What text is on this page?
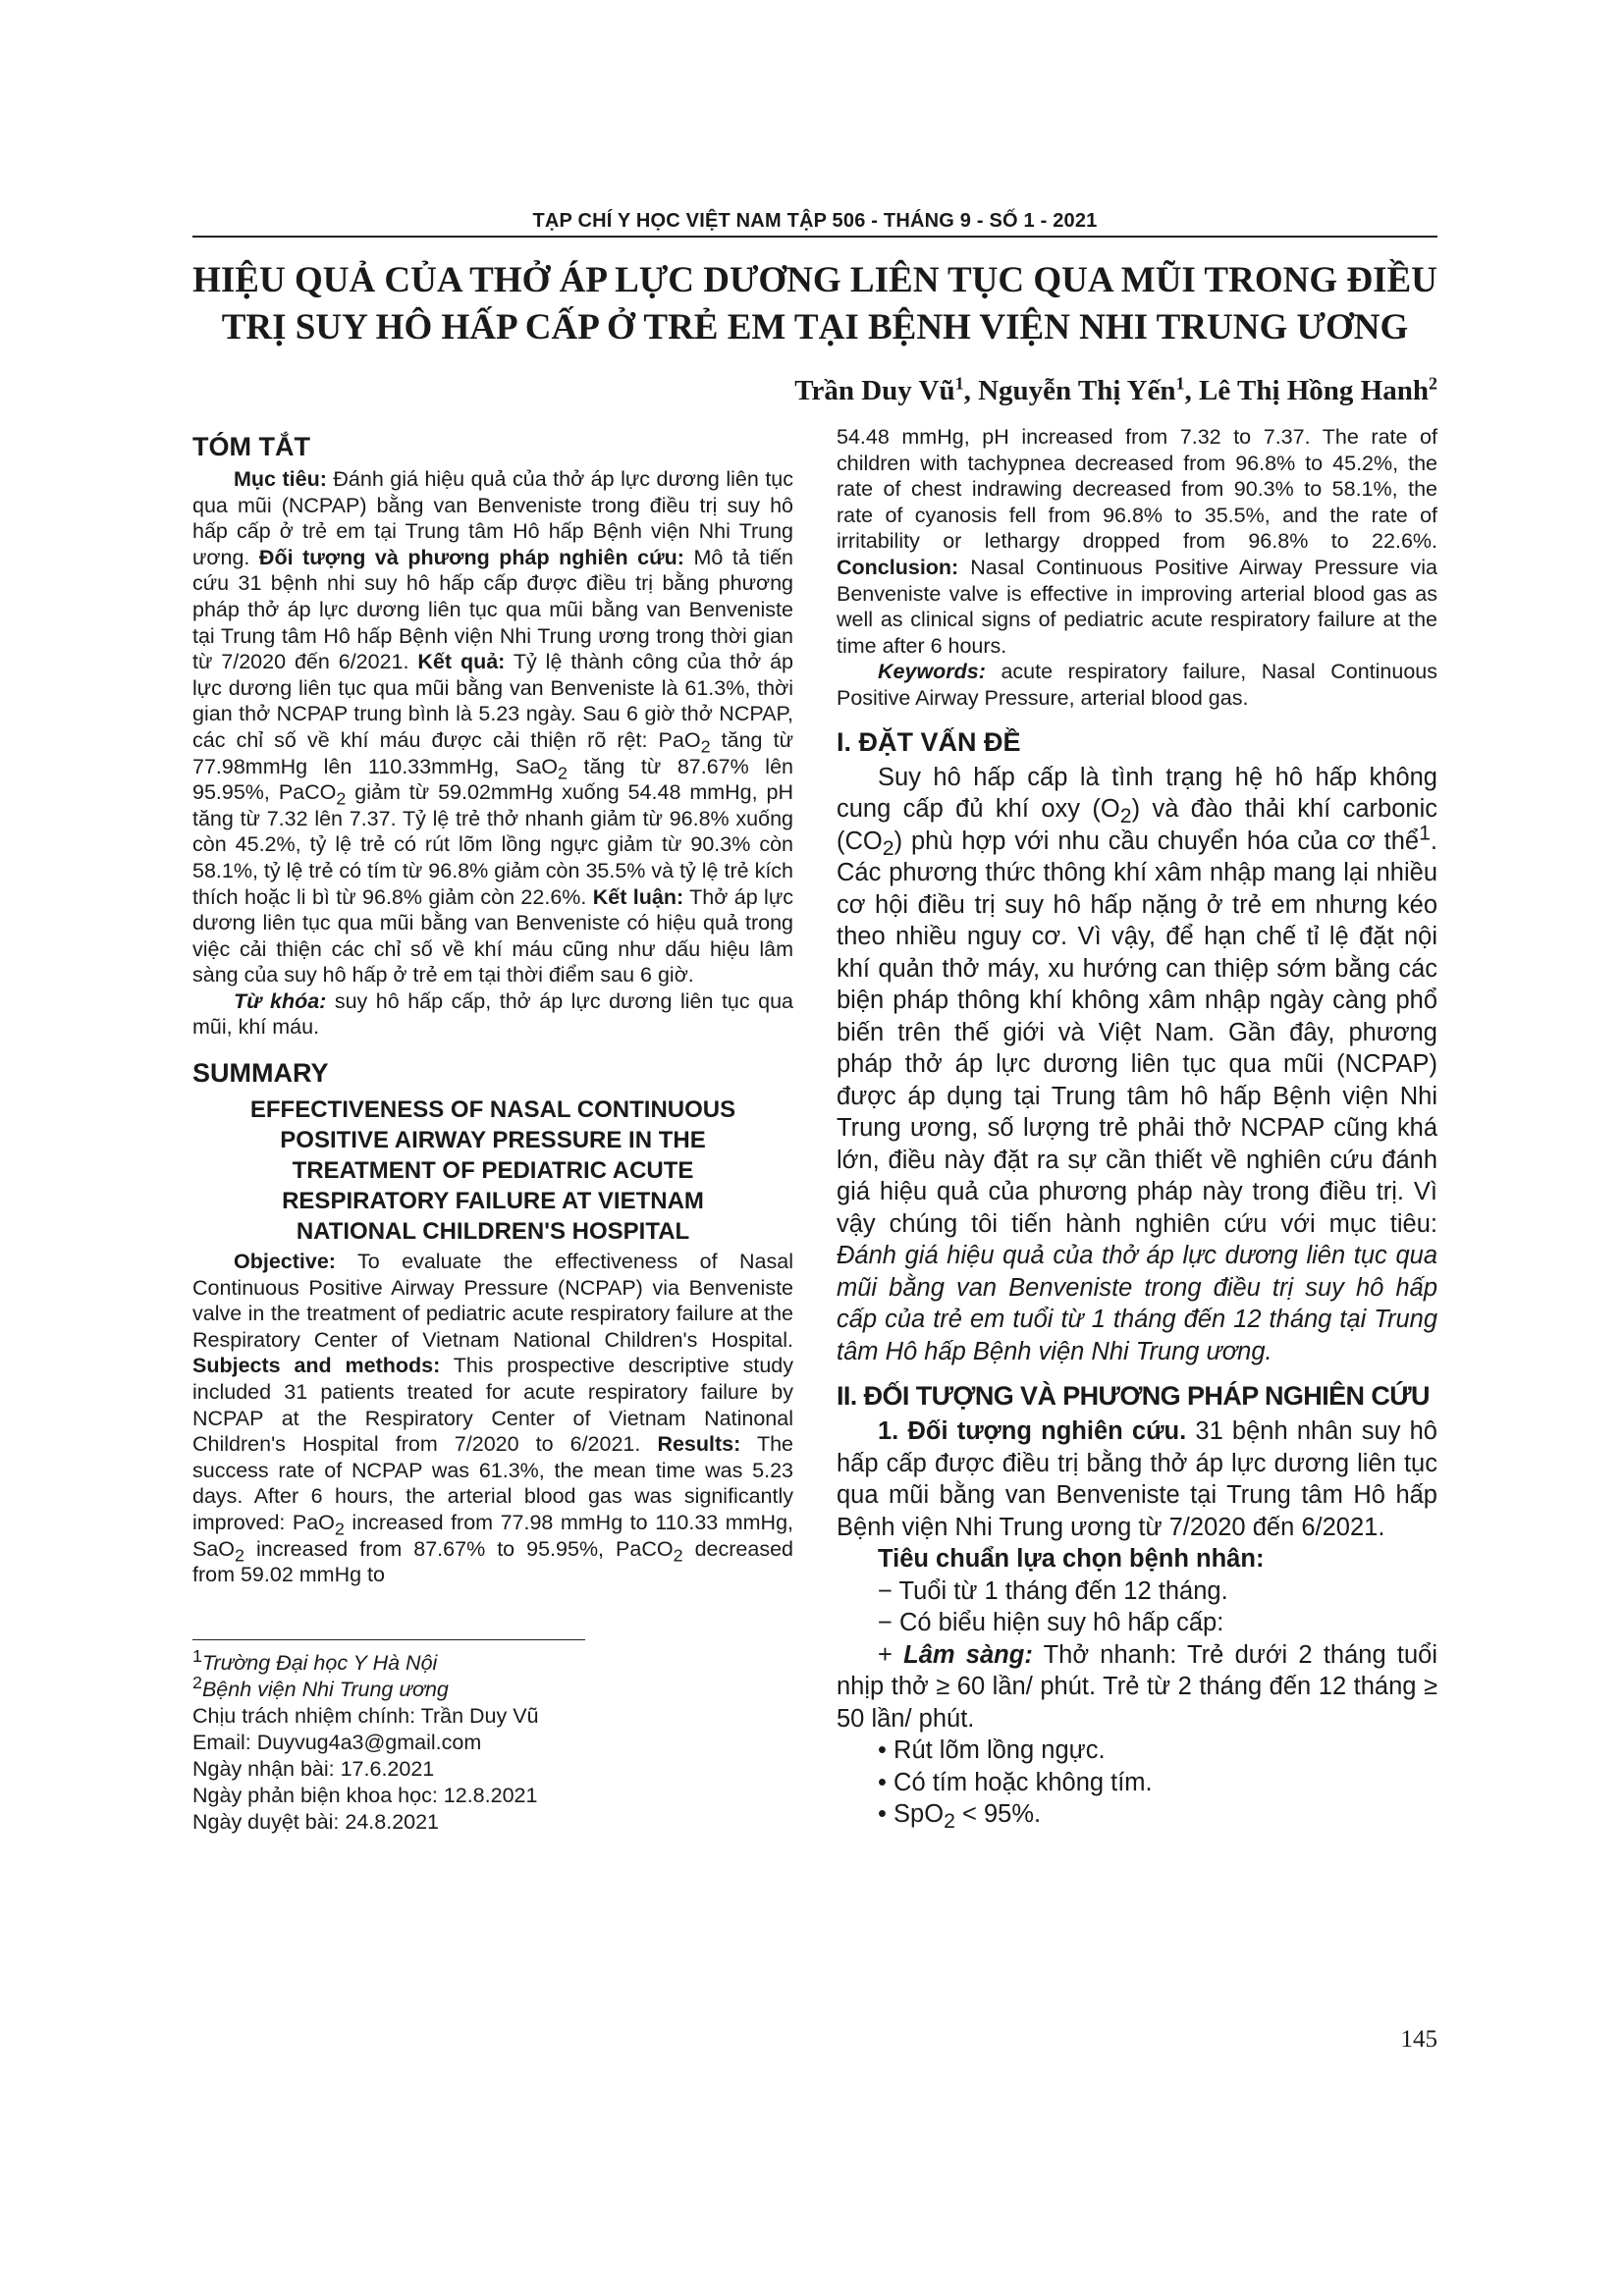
TẠP CHÍ Y HỌC VIỆT NAM TẬP 506 - THÁNG 9 - SỐ 1 - 2021
HIỆU QUẢ CỦA THỞ ÁP LỰC DƯƠNG LIÊN TỤC QUA MŨI TRONG ĐIỀU
TRỊ SUY HÔ HẤP CẤP Ở TRẺ EM TẠI BỆNH VIỆN NHI TRUNG ƯƠNG
Trần Duy $Vũ^1$, Nguyễn Thị Yến$^1$, Lê Thị Hồng Hanh$^2$
TÓM TẮT

Mục tiêu: Đánh giá hiệu quả của thở áp lực dương liên tục qua mũi (NCPAP) bằng van Benveniste trong điều trị suy hô hấp cấp ở trẻ em tại Trung tâm Hô hấp Bệnh viện Nhi Trung ương. Đối tượng và phương pháp nghiên cứu: Mô tả tiến cứu 31 bệnh nhi suy hô hấp cấp được điều trị bằng phương pháp thở áp lực dương liên tục qua mũi bằng van Benveniste tại Trung tâm Hô hấp Bệnh viện Nhi Trung ương trong thời gian từ 7/2020 đến 6/2021. Kết quả: Tỷ lệ thành công của thở áp lực dương liên tục qua mũi bằng van Benveniste là 61.3%, thời gian thở NCPAP trung bình là 5.23 ngày. Sau 6 giờ thở NCPAP, các chỉ số về khí máu được cải thiện rõ rệt: PaO$_2$ tăng từ 77.98mmHg lên 110.33mmHg, SaO$_2$ tăng từ 87.67% lên 95.95%, PaCO$_2$ giảm từ 59.02mmHg xuống 54.48 mmHg, pH tăng từ 7.32 lên 7.37. Tỷ lệ trẻ thở nhanh giảm từ 96.8% xuống còn 45.2%, tỷ lệ trẻ có rút lõm lồng ngực giảm từ 90.3% còn 58.1%, tỷ lệ trẻ có tím từ 96.8% giảm còn 35.5% và tỷ lệ trẻ kích thích hoặc li bì từ 96.8% giảm còn 22.6%. Kết luận: Thở áp lực dương liên tục qua mũi bằng van Benveniste có hiệu quả trong việc cải thiện các chỉ số về khí máu cũng như dấu hiệu lâm sàng của suy hô hấp ở trẻ em tại thời điểm sau 6 giờ.

Từ khóa: suy hô hấp cấp, thở áp lực dương liên tục qua mũi, khí máu.

SUMMARY
EFFECTIVENESS OF NASAL CONTINUOUS POSITIVE AIRWAY PRESSURE IN THE TREATMENT OF PEDIATRIC ACUTE RESPIRATORY FAILURE AT VIETNAM NATIONAL CHILDREN'S HOSPITAL

Objective: To evaluate the effectiveness of Nasal Continuous Positive Airway Pressure (NCPAP) via Benveniste valve in the treatment of pediatric acute respiratory failure at the Respiratory Center of Vietnam National Children's Hospital. Subjects and methods: This prospective descriptive study included 31 patients treated for acute respiratory failure by NCPAP at the Respiratory Center of Vietnam Natinonal Children's Hospital from 7/2020 to 6/2021. Results: The success rate of NCPAP was 61.3%, the mean time was 5.23 days. After 6 hours, the arterial blood gas was significantly improved: PaO$_2$ increased from 77.98 mmHg to 110.33 mmHg, SaO$_2$ increased from 87.67% to 95.95%, PaCO$_2$ decreased from 59.02 mmHg to

$^1$Trường Đại học Y Hà Nội
$^2$Bệnh viện Nhi Trung ương
Chịu trách nhiệm chính: Trần Duy Vũ
Email: Duyvug4a3@gmail.com
Ngày nhận bài: 17.6.2021
Ngày phản biện khoa học: 12.8.2021
Ngày duyệt bài: 24.8.2021

54.48 mmHg, pH increased from 7.32 to 7.37. The rate of children with tachypnea decreased from 96.8% to 45.2%, the rate of chest indrawing decreased from 90.3% to 58.1%, the rate of cyanosis fell from 96.8% to 35.5%, and the rate of irritability or lethargy dropped from 96.8% to 22.6%. Conclusion: Nasal Continuous Positive Airway Pressure via Benveniste valve is effective in improving arterial blood gas as well as clinical signs of pediatric acute respiratory failure at the time after 6 hours.

Keywords: acute respiratory failure, Nasal Continuous Positive Airway Pressure, arterial blood gas.

I. ĐẶT VẤN ĐỀ

Suy hô hấp cấp là tình trạng hệ hô hấp không cung cấp đủ khí oxy $(O_2)$ và đào thải khí carbonic $(CO_2)$ phù hợp với nhu cầu chuyển hóa của cơ thể$^1$. Các phương thức thông khí xâm nhập mang lại nhiều cơ hội điều trị suy hô hấp nặng ở trẻ em nhưng kéo theo nhiều nguy cơ. Vì vậy, để hạn chế tỉ lệ đặt nội khí quản thở máy, xu hướng can thiệp sớm bằng các biện pháp thông khí không xâm nhập ngày càng phổ biến trên thế giới và Việt Nam. Gần đây, phương pháp thở áp lực dương liên tục qua mũi (NCPAP) được áp dụng tại Trung tâm hô hấp Bệnh viện Nhi Trung ương, số lượng trẻ phải thở NCPAP cũng khá lớn, điều này đặt ra sự cần thiết về nghiên cứu đánh giá hiệu quả của phương pháp này trong điều trị. Vì vậy chúng tôi tiến hành nghiên cứu với mục tiêu: Đánh giá hiệu quả của thở áp lực dương liên tục qua mũi bằng van Benveniste trong điều trị suy hô hấp cấp của trẻ em tuổi từ 1 tháng đến 12 tháng tại Trung tâm Hô hấp Bệnh viện Nhi Trung ương.

II. ĐỐI TƯỢNG VÀ PHƯƠNG PHÁP NGHIÊN CỨU

1. Đối tượng nghiên cứu. 31 bệnh nhân suy hô hấp cấp được điều trị bằng thở áp lực dương liên tục qua mũi bằng van Benveniste tại Trung tâm Hô hấp Bệnh viện Nhi Trung ương từ 7/2020 đến 6/2021.

Tiêu chuẩn lựa chọn bệnh nhân:

− Tuổi từ 1 tháng đến 12 tháng.

− Có biểu hiện suy hô hấp cấp:

+ Lâm sàng: Thở nhanh: Trẻ dưới 2 tháng tuổi nhịp thở ≥ 60 lần/ phút. Trẻ từ 2 tháng đến 12 tháng ≥ 50 lần/ phút.

• Rút lõm lồng ngực.

• Có tím hoặc không tím.

• SpO$_2$ < 95%.

145
